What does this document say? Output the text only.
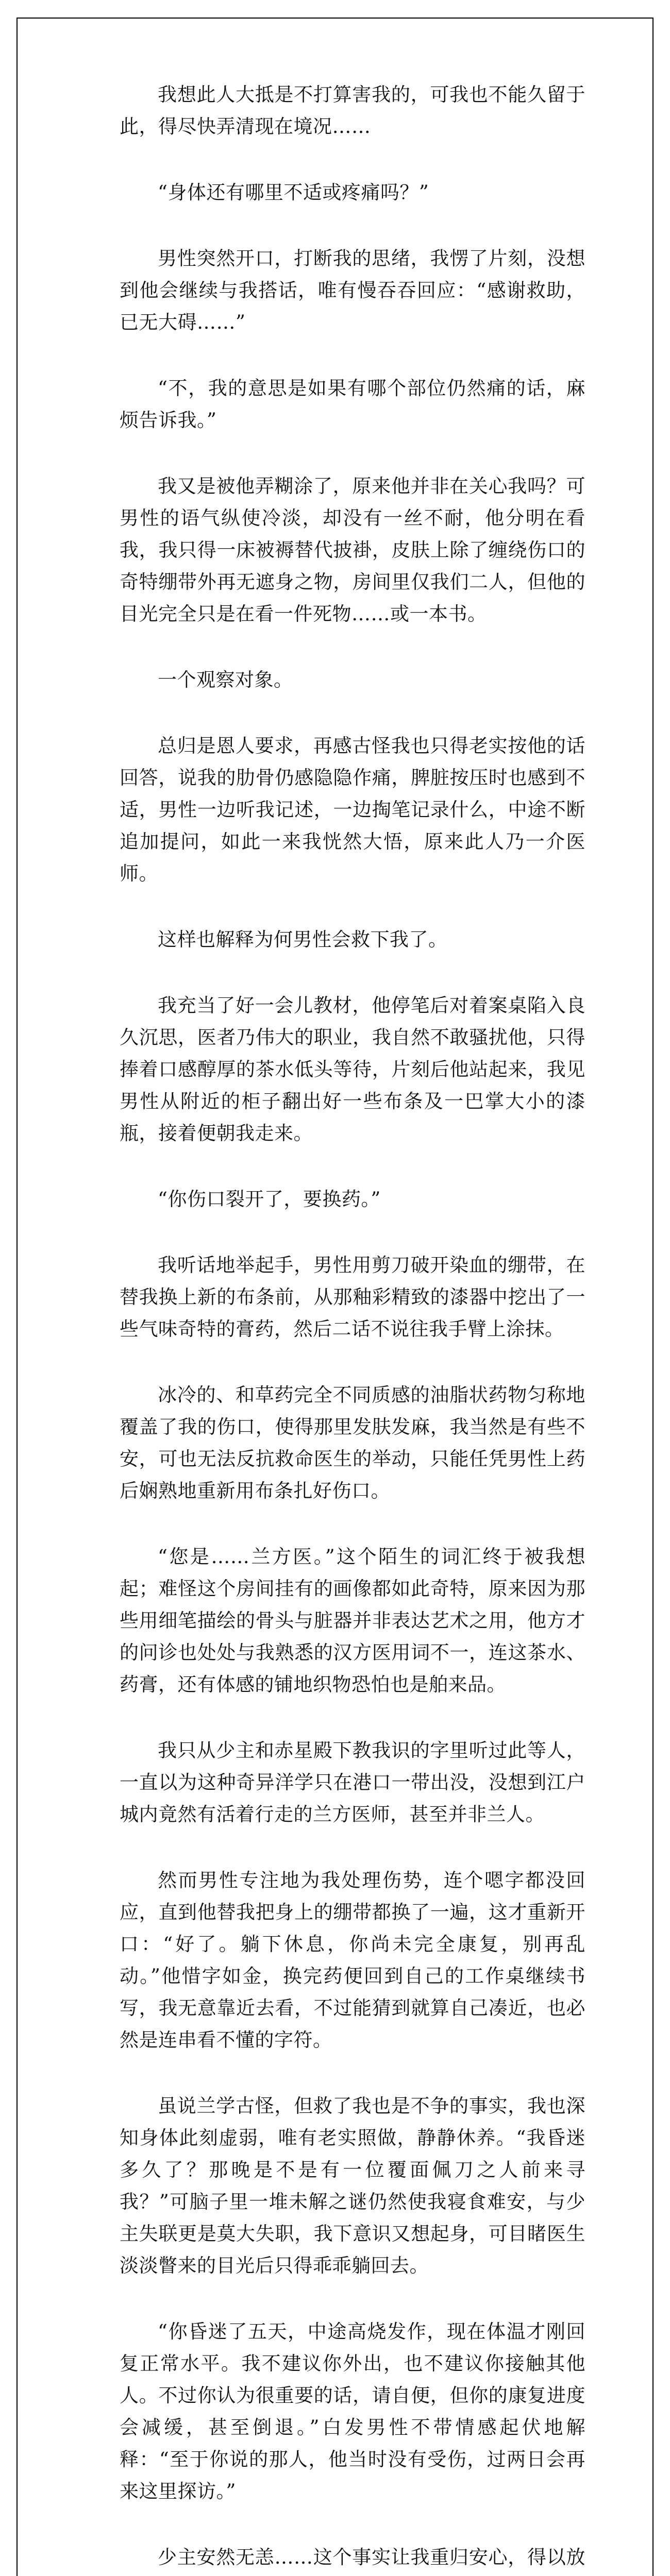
我想此人大抵是不打算害我的，可我也不能久留于此，得尽快弄清现在境况……

“身体还有哪里不适或疼痛吗？”

男性突然开口，打断我的思绪，我愣了片刻，没想到他会继续与我搭话，唯有慢吞吞回应：“感谢救助，已无大碍……”

“不，我的意思是如果有哪个部位仍然痛的话，麻烦告诉我。”

我又是被他弄糊涂了，原来他并非在关心我吗？可男性的语气纵使冷淡，却没有一丝不耐，他分明在看我，我只得一床被褥替代披褂，皮肤上除了缠绕伤口的奇特绷带外再无遮身之物，房间里仅我们二人，但他的目光完全只是在看一件死物……或一本书。

一个观察对象。

总归是恩人要求，再感古怪我也只得老实按他的话回答，说我的肋骨仍感隐隐作痛，脾脏按压时也感到不适，男性一边听我记述，一边掏笔记录什么，中途不断追加提问，如此一来我恍然大悟，原来此人乃一介医师。

这样也解释为何男性会救下我了。

我充当了好一会儿教材，他停笔后对着案桌陷入良久沉思，医者乃伟大的职业，我自然不敢骚扰他，只得捧着口感醇厚的茶水低头等待，片刻后他站起来，我见男性从附近的柜子翻出好一些布条及一巴掌大小的漆瓶，接着便朝我走来。

“你伤口裂开了，要换药。”

我听话地举起手，男性用剪刀破开染血的绷带，在替我换上新的布条前，从那釉彩精致的漆器中挖出了一些气味奇特的膏药，然后二话不说往我手臂上涂抹。

冰冷的、和草药完全不同质感的油脂状药物匀称地覆盖了我的伤口，使得那里发肤发麻，我当然是有些不安，可也无法反抗救命医生的举动，只能任凭男性上药后娴熟地重新用布条扎好伤口。

“您是……兰方医。”这个陌生的词汇终于被我想起；难怪这个房间挂有的画像都如此奇特，原来因为那些用细笔描绘的骨头与脏器并非表达艺术之用，他方才的问诊也处处与我熟悉的汉方医用词不一，连这茶水、药膏，还有体感的铺地织物恐怕也是舶来品。

我只从少主和赤星殿下教我识的字里听过此等人，一直以为这种奇异洋学只在港口一带出没，没想到江户城内竟然有活着行走的兰方医师，甚至并非兰人。

然而男性专注地为我处理伤势，连个嗯字都没回应，直到他替我把身上的绷带都换了一遍，这才重新开口：“好了。躺下休息，你尚未完全康复，别再乱动。”他惜字如金，换完药便回到自己的工作桌继续书写，我无意靠近去看，不过能猜到就算自己凑近，也必然是连串看不懂的字符。

虽说兰学古怪，但救了我也是不争的事实，我也深知身体此刻虚弱，唯有老实照做，静静休养。“我昏迷多久了？那晚是不是有一位覆面佩刀之人前来寻我？”可脑子里一堆未解之谜仍然使我寝食难安，与少主失联更是莫大失职，我下意识又想起身，可目睹医生淡淡瞥来的目光后只得乖乖躺回去。

“你昏迷了五天，中途高烧发作，现在体温才刚回复正常水平。我不建议你外出，也不建议你接触其他人。不过你认为很重要的话，请自便，但你的康复进度会减缓，甚至倒退。”白发男性不带情感起伏地解释：“至于你说的那人，他当时没有受伤，过两日会再来这里探访。”

少主安然无恙……这个事实让我重归安心，得以放
